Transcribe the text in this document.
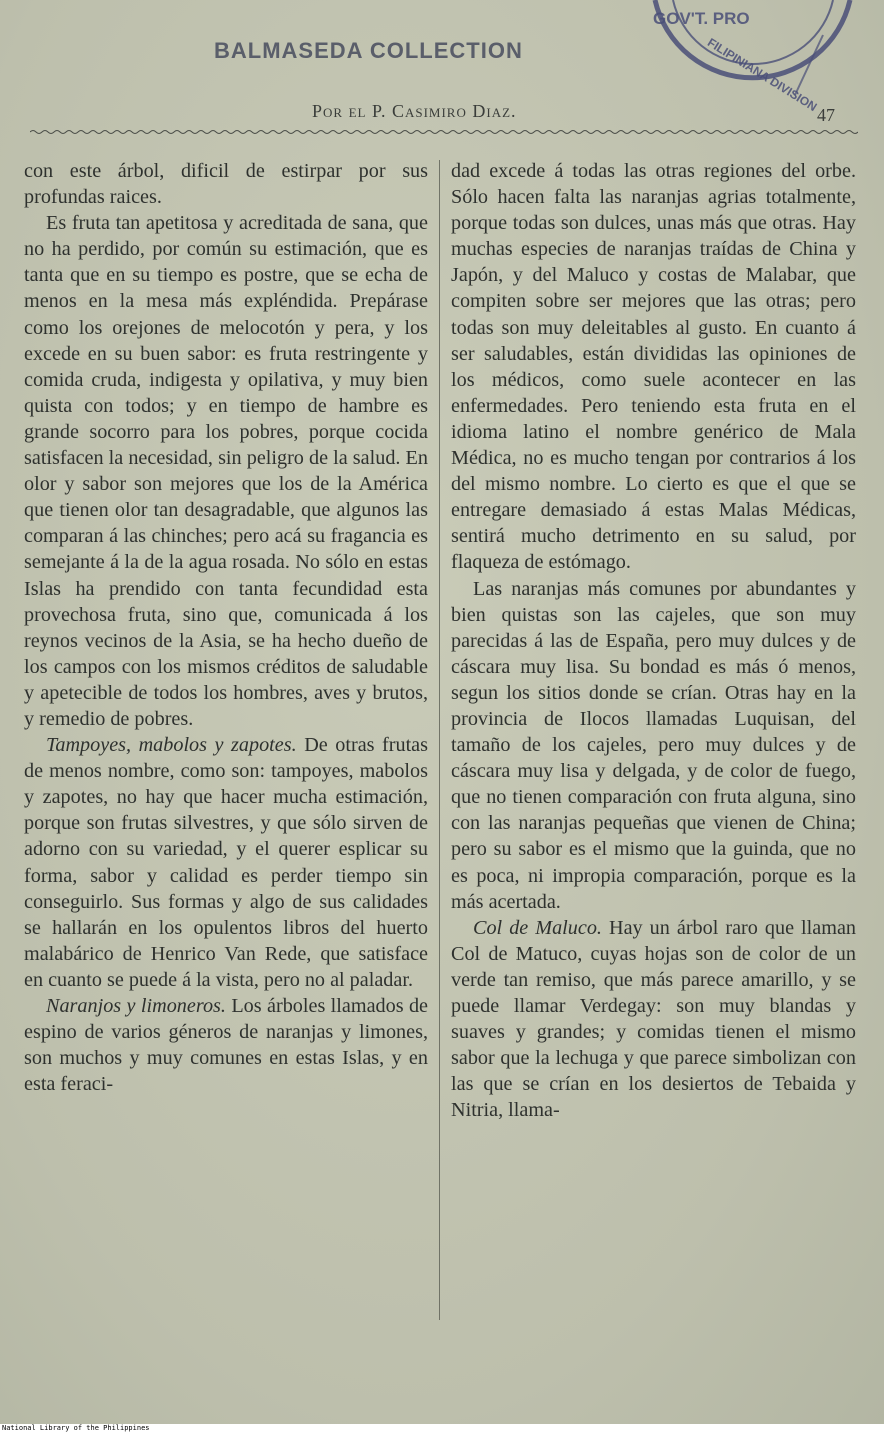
BALMASEDA COLLECTION
GOV'T. PRO
FILIPINIANA DIVISION
Por el P. Casimiro Diaz.	47

con este árbol, dificil de estirpar por sus profundas raices.

Es fruta tan apetitosa y acreditada de sana, que no ha perdido, por común su estimación, que es tanta que en su tiempo es postre, que se echa de menos en la mesa más expléndida. Prepárase como los orejones de melocotón y pera, y los excede en su buen sabor: es fruta restringente y comida cruda, indigesta y opilativa, y muy bien quista con todos; y en tiempo de hambre es grande socorro para los pobres, porque cocida satisfacen la necesidad, sin peligro de la salud. En olor y sabor son mejores que los de la América que tienen olor tan desagradable, que algunos las comparan á las chinches; pero acá su fragancia es semejante á la de la agua rosada. No sólo en estas Islas ha prendido con tanta fecundidad esta provechosa fruta, sino que, comunicada á los reynos vecinos de la Asia, se ha hecho dueño de los campos con los mismos créditos de saludable y apetecible de todos los hombres, aves y brutos, y remedio de pobres.

Tampoyes, mabolos y zapotes. De otras frutas de menos nombre, como son: tampoyes, mabolos y zapotes, no hay que hacer mucha estimación, porque son frutas silvestres, y que sólo sirven de adorno con su variedad, y el querer esplicar su forma, sabor y calidad es perder tiempo sin conseguirlo. Sus formas y algo de sus calidades se hallarán en los opulentos libros del huerto malabárico de Henrico Van Rede, que satisface en cuanto se puede á la vista, pero no al paladar.

Naranjos y limoneros. Los árboles llamados de espino de varios géneros de naranjas y limones, son muchos y muy comunes en estas Islas, y en esta feraci-

dad excede á todas las otras regiones del orbe. Sólo hacen falta las naranjas agrias totalmente, porque todas son dulces, unas más que otras. Hay muchas especies de naranjas traídas de China y Japón, y del Maluco y costas de Malabar, que compiten sobre ser mejores que las otras; pero todas son muy deleitables al gusto. En cuanto á ser saludables, están divididas las opiniones de los médicos, como suele acontecer en las enfermedades. Pero teniendo esta fruta en el idioma latino el nombre genérico de Mala Médica, no es mucho tengan por contrarios á los del mismo nombre. Lo cierto es que el que se entregare demasiado á estas Malas Médicas, sentirá mucho detrimento en su salud, por flaqueza de estómago.

Las naranjas más comunes por abundantes y bien quistas son las cajeles, que son muy parecidas á las de España, pero muy dulces y de cáscara muy lisa. Su bondad es más ó menos, segun los sitios donde se crían. Otras hay en la provincia de Ilocos llamadas Luquisan, del tamaño de los cajeles, pero muy dulces y de cáscara muy lisa y delgada, y de color de fuego, que no tienen comparación con fruta alguna, sino con las naranjas pequeñas que vienen de China; pero su sabor es el mismo que la guinda, que no es poca, ni impropia comparación, porque es la más acertada.

Col de Maluco. Hay un árbol raro que llaman Col de Matuco, cuyas hojas son de color de un verde tan remiso, que más parece amarillo, y se puede llamar Verdegay: son muy blandas y suaves y grandes; y comidas tienen el mismo sabor que la lechuga y que parece simbolizan con las que se crían en los desiertos de Tebaida y Nitria, llama-

National Library of the Philippines
